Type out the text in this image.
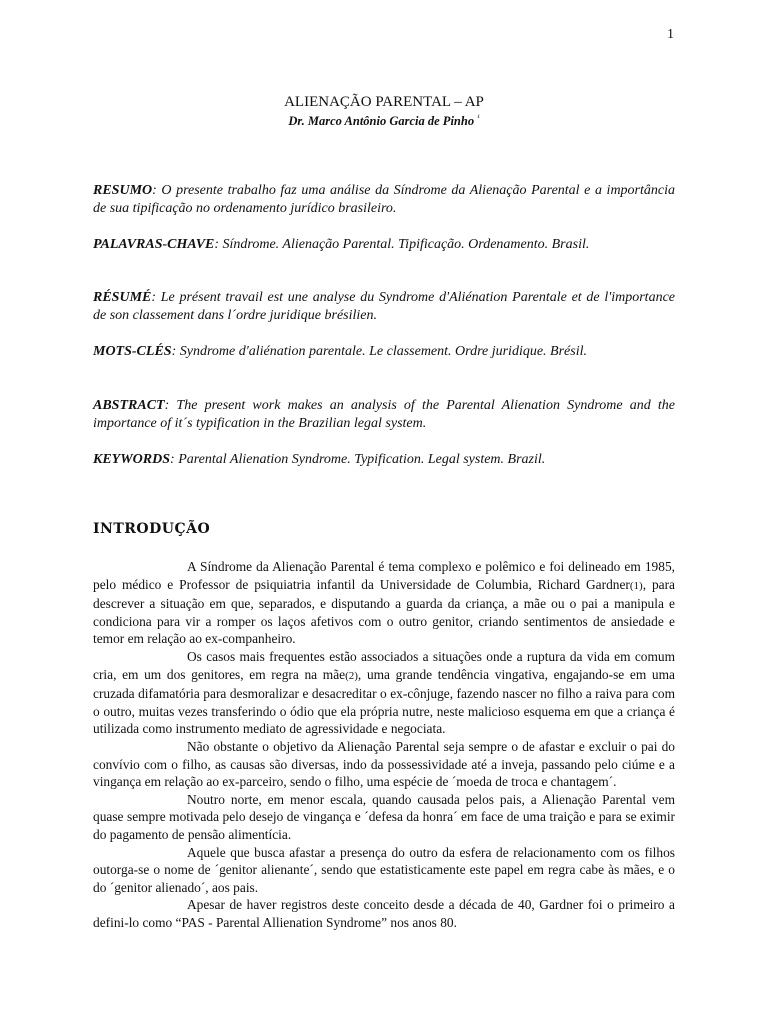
1
ALIENAÇÃO PARENTAL – AP
Dr. Marco Antônio Garcia de Pinho $^{^1}$
RESUMO: O presente trabalho faz uma análise da Síndrome da Alienação Parental e a importância de sua tipificação no ordenamento jurídico brasileiro.
PALAVRAS-CHAVE: Síndrome. Alienação Parental. Tipificação. Ordenamento. Brasil.
RÉSUMÉ: Le présent travail est une analyse du Syndrome d'Aliénation Parentale et de l'importance de son classement dans l´ordre juridique brésilien.
MOTS-CLÉS: Syndrome d'aliénation parentale. Le classement. Ordre juridique. Brésil.
ABSTRACT: The present work makes an analysis of the Parental Alienation Syndrome and the importance of it´s typification in the Brazilian legal system.
KEYWORDS: Parental Alienation Syndrome. Typification. Legal system. Brazil.
INTRODUÇÃO

A Síndrome da Alienação Parental é tema complexo e polêmico e foi delineado em 1985, pelo médico e Professor de psiquiatria infantil da Universidade de Columbia, Richard Gardner(1), para descrever a situação em que, separados, e disputando a guarda da criança, a mãe ou o pai a manipula e condiciona para vir a romper os laços afetivos com o outro genitor, criando sentimentos de ansiedade e temor em relação ao ex-companheiro.

Os casos mais frequentes estão associados a situações onde a ruptura da vida em comum cria, em um dos genitores, em regra na mãe(2), uma grande tendência vingativa, engajando-se em uma cruzada difamatória para desmoralizar e desacreditar o ex-cônjuge, fazendo nascer no filho a raiva para com o outro, muitas vezes transferindo o ódio que ela própria nutre, neste malicioso esquema em que a criança é utilizada como instrumento mediato de agressividade e negociata.

Não obstante o objetivo da Alienação Parental seja sempre o de afastar e excluir o pai do convívio com o filho, as causas são diversas, indo da possessividade até a inveja, passando pelo ciúme e a vingança em relação ao ex-parceiro, sendo o filho, uma espécie de ´moeda de troca e chantagem´.

Noutro norte, em menor escala, quando causada pelos pais, a Alienação Parental vem quase sempre motivada pelo desejo de vingança e ´defesa da honra´ em face de uma traição e para se eximir do pagamento de pensão alimentícia.

Aquele que busca afastar a presença do outro da esfera de relacionamento com os filhos outorga-se o nome de ´genitor alienante´, sendo que estatisticamente este papel em regra cabe às mães, e o do ´genitor alienado´, aos pais.

Apesar de haver registros deste conceito desde a década de 40, Gardner foi o primeiro a defini-lo como “PAS - Parental Allienation Syndrome” nos anos 80.
